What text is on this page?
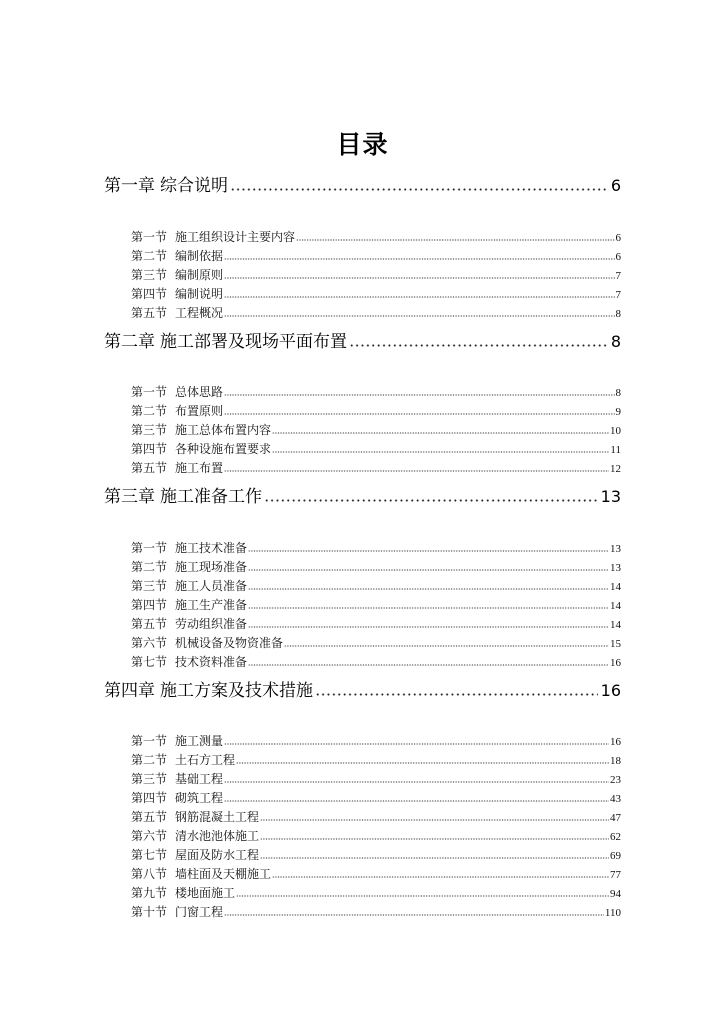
目录
第一章 综合说明	6
第一节 施工组织设计主要内容	6
第二节 编制依据	6
第三节 编制原则	7
第四节 编制说明	7
第五节 工程概况	8
第二章 施工部署及现场平面布置	8
第一节 总体思路	8
第二节 布置原则	9
第三节 施工总体布置内容	10
第四节 各种设施布置要求	11
第五节 施工布置	12
第三章 施工准备工作	13
第一节 施工技术准备	13
第二节 施工现场准备	13
第三节 施工人员准备	14
第四节 施工生产准备	14
第五节 劳动组织准备	14
第六节 机械设备及物资准备	15
第七节 技术资料准备	16
第四章 施工方案及技术措施	16
第一节 施工测量	16
第二节 土石方工程	18
第三节 基础工程	23
第四节 砌筑工程	43
第五节 钢筋混凝土工程	47
第六节 清水池池体施工	62
第七节 屋面及防水工程	69
第八节 墙柱面及天棚施工	77
第九节 楼地面施工	94
第十节 门窗工程	110
